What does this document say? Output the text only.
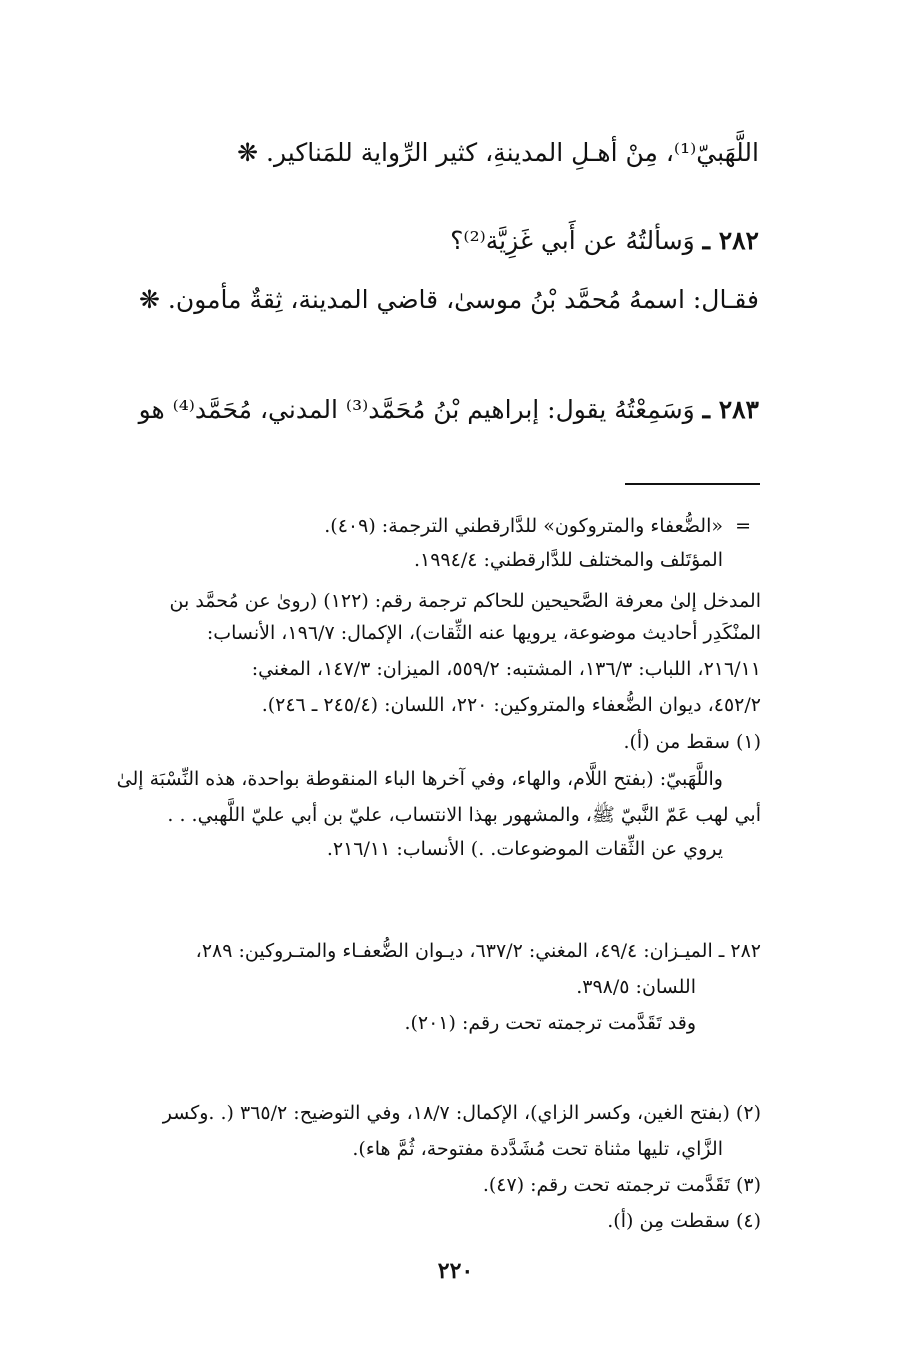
اللَّهَبيّ⁽¹⁾، مِنْ أهـلِ المدينةِ، كثير الرِّواية للمَناكير. ❋
٢٨٢ ـ وَسألتُهُ عن أَبي غَزِيَّة⁽²⁾؟
فقـال: اسمهُ مُحمَّد بْنُ موسىٰ، قاضي المدينة، ثِقةٌ مأمون. ❋
٢٨٣ ـ وَسَمِعْتُهُ يقول: إبراهيم بْنُ مُحَمَّد⁽³⁾ المدني، مُحَمَّد⁽⁴⁾ هو
=
«الضُّعفاء والمتروكون» للدَّارقطني الترجمة: (٤٠٩).
المؤتَلف والمختلف للدَّارقطني: ١٩٩٤/٤.
المدخل إلىٰ معرفة الصَّحيحين للحاكم ترجمة رقم: (١٢٢) (روىٰ عن مُحمَّد بن
المنْكَدِر أحاديث موضوعة، يرويها عنه الثِّقات)، الإكمال: ١٩٦/٧، الأنساب:
٢١٦/١١، اللباب: ١٣٦/٣، المشتبه: ٥٥٩/٢، الميزان: ١٤٧/٣، المغني:
٤٥٢/٢، ديوان الضُّعفاء والمتروكين: ٢٢٠، اللسان: (٢٤٥/٤ ـ ٢٤٦).
(١) سقط من (أ).
واللَّهَبيّ: (بفتح اللَّام، والهاء، وفي آخرها الباء المنقوطة بواحدة، هذه النِّسْبَة إلىٰ
أبي لهب عَمّ النَّبيّ ﷺ، والمشهور بهذا الانتساب، عليّ بن أبي عليّ اللَّهبي. . .
يروي عن الثِّقات الموضوعات. .) الأنساب: ٢١٦/١١.
٢٨٢ ـ الميـزان: ٤٩/٤، المغني: ٦٣٧/٢، ديـوان الضُّعفـاء والمتـروكين: ٢٨٩،
اللسان: ٣٩٨/٥.
وقد تَقَدَّمت ترجمته تحت رقم: (٢٠١).
(٢) (بفتح الغين، وكسر الزاي)، الإكمال: ١٨/٧، وفي التوضيح: ٣٦٥/٢ (. .وكسر
الزَّاي، تليها مثناة تحت مُشَدَّدة مفتوحة، ثُمَّ هاء).
(٣) تَقَدَّمت ترجمته تحت رقم: (٤٧).
(٤) سقطت مِن (أ).
٢٢٠
